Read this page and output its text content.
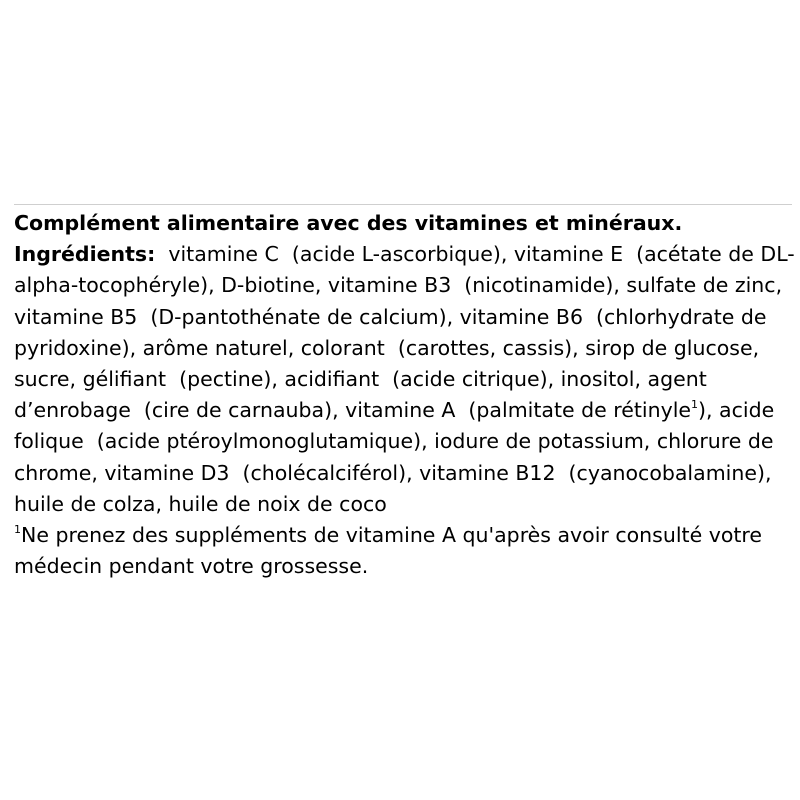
Complément alimentaire avec des vitamines et minéraux.
Ingrédients:  vitamine C  (acide L-ascorbique), vitamine E  (acétate de DL-
alpha-tocophéryle), D-biotine, vitamine B3  (nicotinamide), sulfate de zinc,
vitamine B5  (D-pantothénate de calcium), vitamine B6  (chlorhydrate de
pyridoxine), arôme naturel, colorant  (carottes, cassis), sirop de glucose,
sucre, gélifiant  (pectine), acidifiant  (acide citrique), inositol, agent
d’enrobage  (cire de carnauba), vitamine A  (palmitate de rétinyle$^1$), acide
folique  (acide ptéroylmonoglutamique), iodure de potassium, chlorure de
chrome, vitamine D3  (cholécalciférol), vitamine B12  (cyanocobalamine),
huile de colza, huile de noix de coco
$^1$Ne prenez des suppléments de vitamine A qu'après avoir consulté votre
médecin pendant votre grossesse.
